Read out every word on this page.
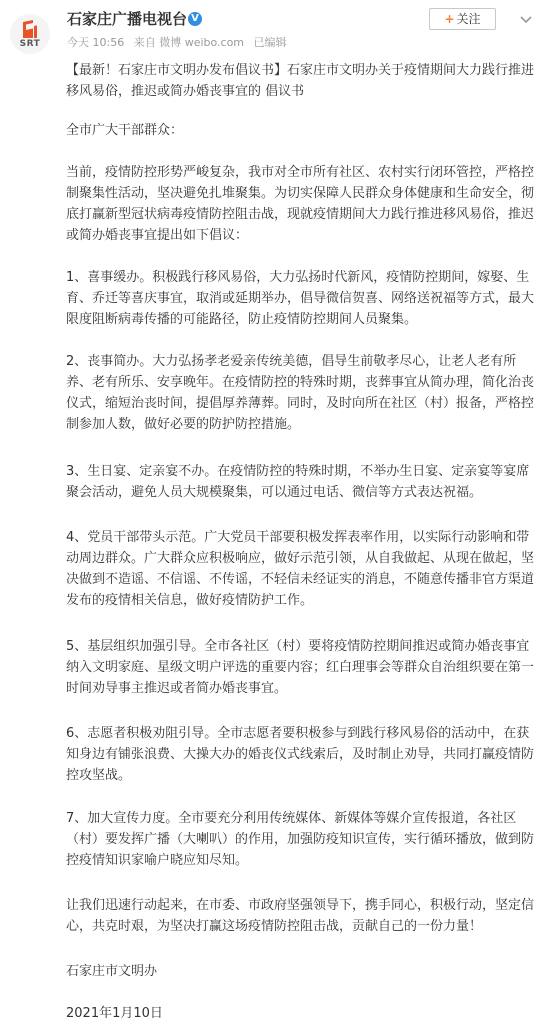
SRT
石家庄广播电视台 V
今天 10:56 来自 微博 weibo.com 已编辑
+ 关注

【最新！石家庄市文明办发布倡议书】石家庄市文明办关于疫情期间大力践行推进移风易俗，推迟或简办婚丧事宜的 倡议书

全市广大干部群众：
当前，疫情防控形势严峻复杂，我市对全市所有社区、农村实行闭环管控，严格控制聚集性活动，坚决避免扎堆聚集。为切实保障人民群众身体健康和生命安全，彻底打赢新型冠状病毒疫情防控阻击战，现就疫情期间大力践行推进移风易俗，推迟或简办婚丧事宜提出如下倡议：
1、喜事缓办。积极践行移风易俗，大力弘扬时代新风，疫情防控期间，嫁娶、生育、乔迁等喜庆事宜，取消或延期举办，倡导微信贺喜、网络送祝福等方式，最大限度阻断病毒传播的可能路径，防止疫情防控期间人员聚集。
2、丧事简办。大力弘扬孝老爱亲传统美德，倡导生前敬孝尽心，让老人老有所养、老有所乐、安享晚年。在疫情防控的特殊时期，丧葬事宜从简办理，简化治丧仪式，缩短治丧时间，提倡厚养薄葬。同时，及时向所在社区（村）报备，严格控制参加人数，做好必要的防护防控措施。
3、生日宴、定亲宴不办。在疫情防控的特殊时期，不举办生日宴、定亲宴等宴席聚会活动，避免人员大规模聚集，可以通过电话、微信等方式表达祝福。
4、党员干部带头示范。广大党员干部要积极发挥表率作用，以实际行动影响和带动周边群众。广大群众应积极响应，做好示范引领，从自我做起、从现在做起，坚决做到不造谣、不信谣、不传谣，不轻信未经证实的消息，不随意传播非官方渠道发布的疫情相关信息，做好疫情防护工作。
5、基层组织加强引导。全市各社区（村）要将疫情防控期间推迟或简办婚丧事宜纳入文明家庭、星级文明户评选的重要内容；红白理事会等群众自治组织要在第一时间劝导事主推迟或者简办婚丧事宜。
6、志愿者积极劝阻引导。全市志愿者要积极参与到践行移风易俗的活动中，在获知身边有铺张浪费、大操大办的婚丧仪式线索后，及时制止劝导，共同打赢疫情防控攻坚战。
7、加大宣传力度。全市要充分利用传统媒体、新媒体等媒介宣传报道，各社区（村）要发挥广播（大喇叭）的作用，加强防疫知识宣传，实行循环播放，做到防控疫情知识家喻户晓应知尽知。
让我们迅速行动起来，在市委、市政府坚强领导下，携手同心，积极行动，坚定信心，共克时艰，为坚决打赢这场疫情防控阻击战，贡献自己的一份力量！
石家庄市文明办
2021年1月10日
